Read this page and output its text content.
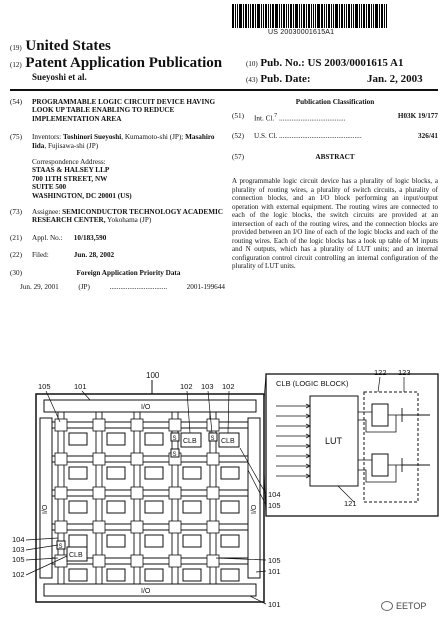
US 20030001615A1
(19) United States
(12) Patent Application Publication
Sueyoshi et al.
(10) Pub. No.: US 2003/0001615 A1
(43) Pub. Date:	Jan. 2, 2003
(54) PROGRAMMABLE LOGIC CIRCUIT DEVICE HAVING LOOK UP TABLE ENABLING TO REDUCE IMPLEMENTATION AREA
(75) Inventors: Toshinori Sueyoshi, Kumamoto-shi (JP); Masahiro Iida, Fujisawa-shi (JP)
Correspondence Address:
STAAS & HALSEY LLP
700 11TH STREET, NW
SUITE 500
WASHINGTON, DC 20001 (US)
(73) Assignee: SEMICONDUCTOR TECHNOLOGY ACADEMIC RESEARCH CENTER, Yokohama (JP)
(21) Appl. No.: 10/183,590
(22) Filed:	Jun. 28, 2002
(30)	Foreign Application Priority Data
Jun. 29, 2001	(JP)	................................	2001-199644
Publication Classification
(51) Int. Cl.$^7$ .....................................	H03K 19/177
(52) U.S. Cl. ..............................................	326/41
(57)	ABSTRACT
A programmable logic circuit device has a plurality of logic blocks, a plurality of routing wires, a plurality of switch circuits, a plurality of connection blocks, and an I/O block performing an input/output operation with external equipment. The routing wires are connected to each of the logic blocks, the switch circuits are provided at an intersection of each of the routing wires, and the connection blocks are provided between an I/O line of each of the logic blocks and each of the routing wires. Each of the logic blocks has a look up table of M inputs and N outputs, which has a plurality of LUT units; and an internal configuration control circuit controlling an internal configuration of the plurality of LUT units.
100
I/O
I/O
I/O	I/O
CLB	CLB
S	S
S
CLB
S
105	101	102 103 102
104
105
105
101
101
104
103
105
102
CLB (LOGIC BLOCK)
122 123
LUT
121
EETOP
